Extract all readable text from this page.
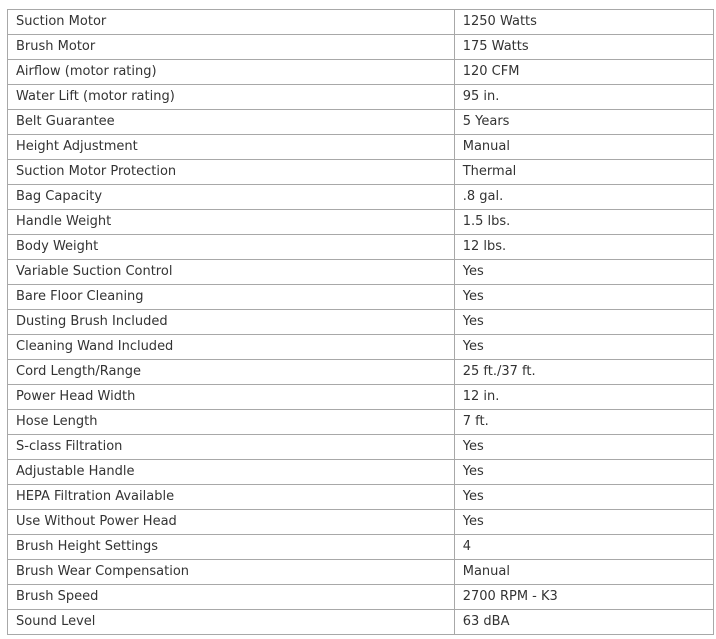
Suction Motor	1250 Watts
Brush Motor	175 Watts
Airflow (motor rating)	120 CFM
Water Lift (motor rating)	95 in.
Belt Guarantee	5 Years
Height Adjustment	Manual
Suction Motor Protection	Thermal
Bag Capacity	.8 gal.
Handle Weight	1.5 lbs.
Body Weight	12 lbs.
Variable Suction Control	Yes
Bare Floor Cleaning	Yes
Dusting Brush Included	Yes
Cleaning Wand Included	Yes
Cord Length/Range	25 ft./37 ft.
Power Head Width	12 in.
Hose Length	7 ft.
S-class Filtration	Yes
Adjustable Handle	Yes
HEPA Filtration Available	Yes
Use Without Power Head	Yes
Brush Height Settings	4
Brush Wear Compensation	Manual
Brush Speed	2700 RPM - K3
Sound Level	63 dBA
